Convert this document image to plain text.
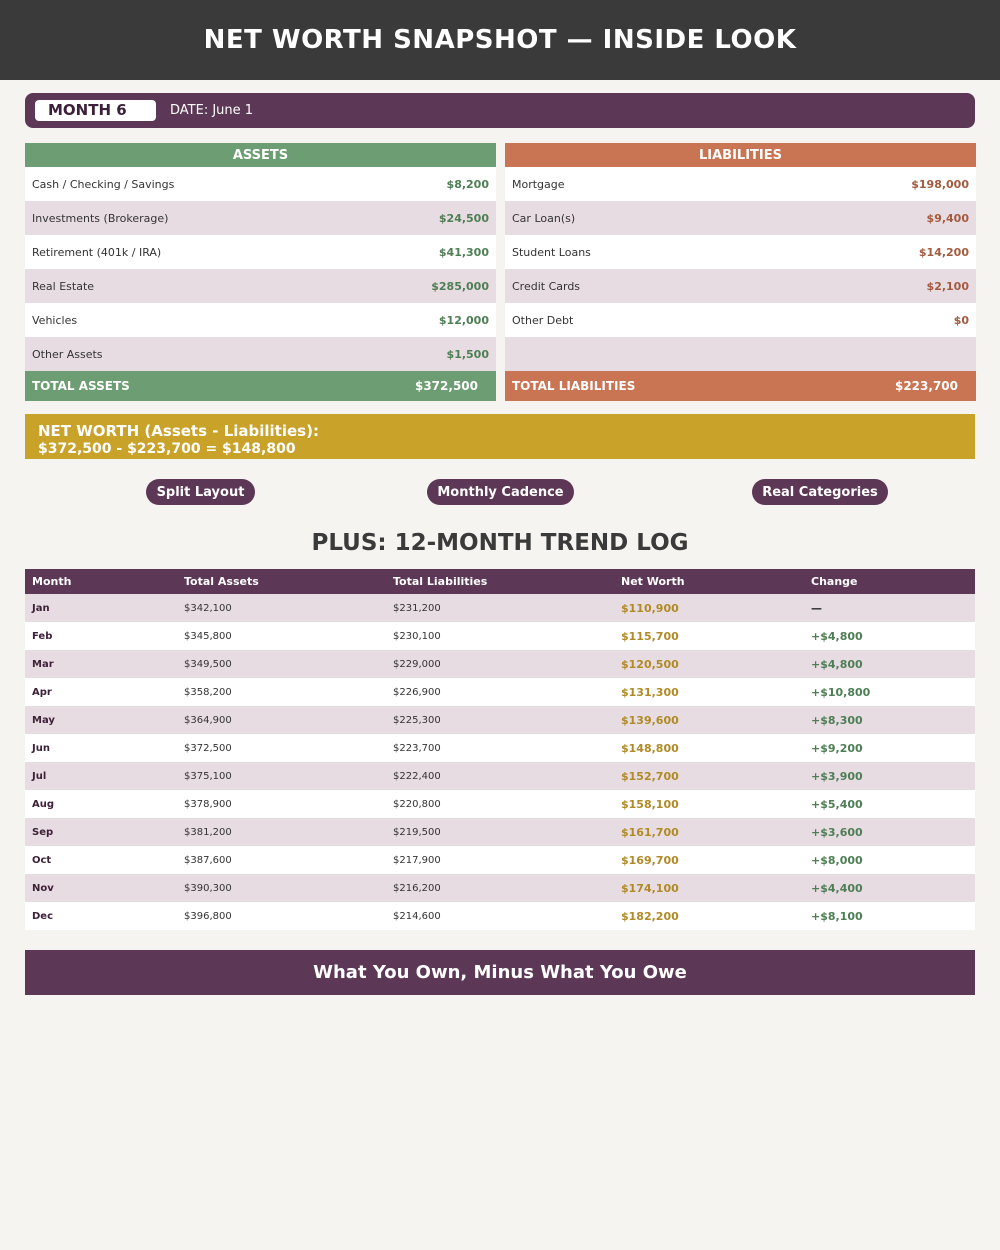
NET WORTH SNAPSHOT — INSIDE LOOK
MONTH 6	DATE: June 1
ASSETS
Cash / Checking / Savings	$8,200
Investments (Brokerage)	$24,500
Retirement (401k / IRA)	$41,300
Real Estate	$285,000
Vehicles	$12,000
Other Assets	$1,500
TOTAL ASSETS	$372,500
LIABILITIES
Mortgage	$198,000
Car Loan(s)	$9,400
Student Loans	$14,200
Credit Cards	$2,100
Other Debt	$0
TOTAL LIABILITIES	$223,700
NET WORTH (Assets - Liabilities):
$372,500 - $223,700 = $148,800
Split Layout	Monthly Cadence	Real Categories
PLUS: 12-MONTH TREND LOG
Month	Total Assets	Total Liabilities	Net Worth	Change
Jan	$342,100	$231,200	$110,900	—
Feb	$345,800	$230,100	$115,700	+$4,800
Mar	$349,500	$229,000	$120,500	+$4,800
Apr	$358,200	$226,900	$131,300	+$10,800
May	$364,900	$225,300	$139,600	+$8,300
Jun	$372,500	$223,700	$148,800	+$9,200
Jul	$375,100	$222,400	$152,700	+$3,900
Aug	$378,900	$220,800	$158,100	+$5,400
Sep	$381,200	$219,500	$161,700	+$3,600
Oct	$387,600	$217,900	$169,700	+$8,000
Nov	$390,300	$216,200	$174,100	+$4,400
Dec	$396,800	$214,600	$182,200	+$8,100
What You Own, Minus What You Owe
